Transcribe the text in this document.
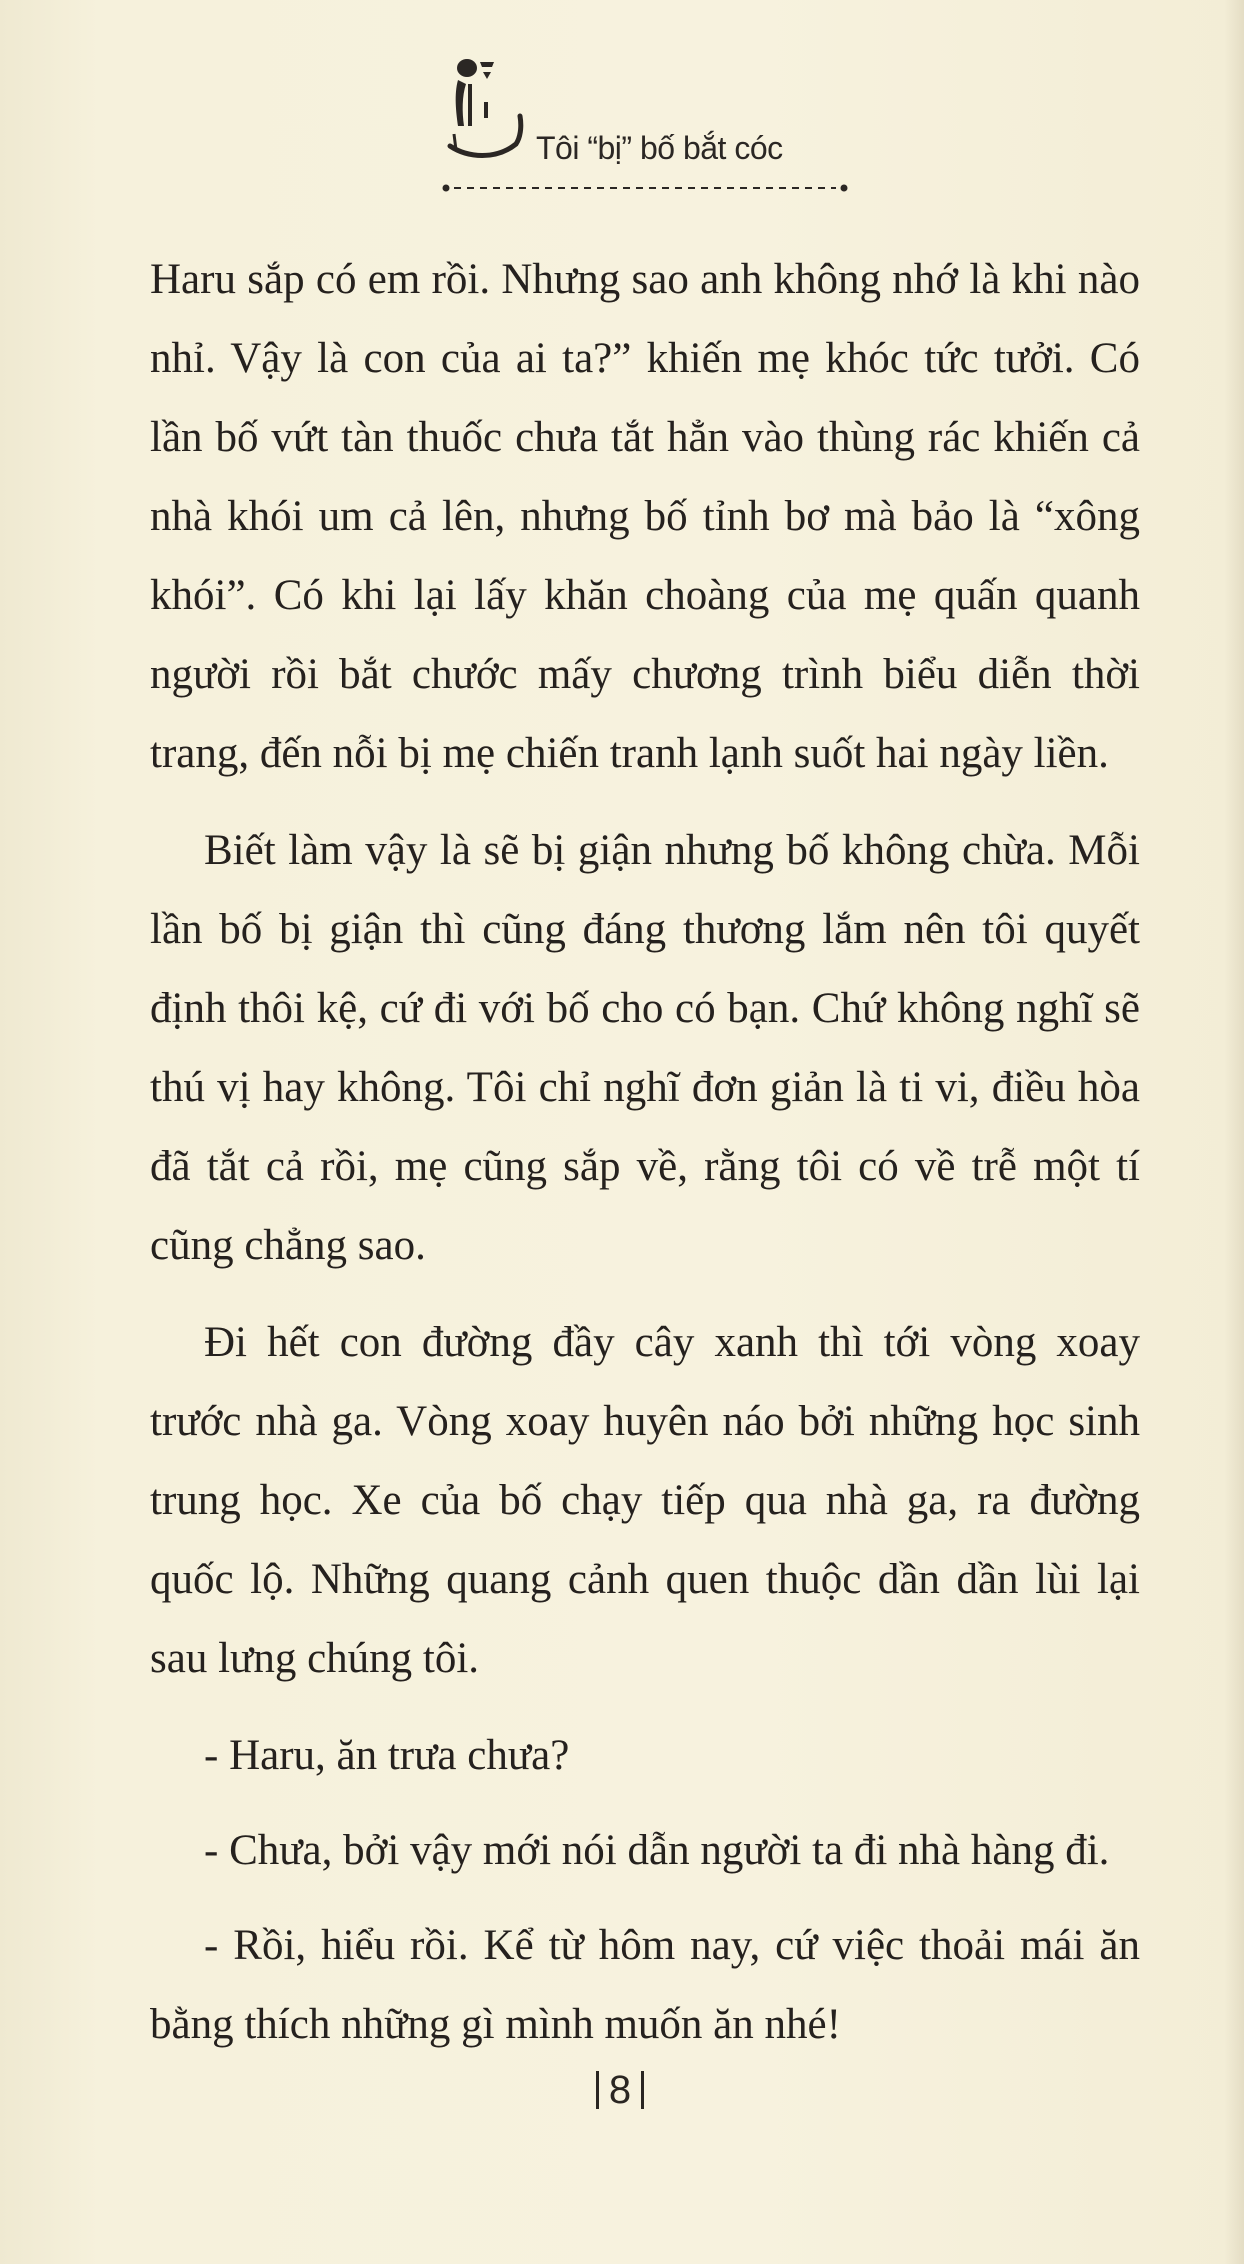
Tôi “bị” bố bắt cóc

Haru sắp có em rồi. Nhưng sao anh không nhớ là khi nào nhỉ. Vậy là con của ai ta?” khiến mẹ khóc tức tưởi. Có lần bố vứt tàn thuốc chưa tắt hẳn vào thùng rác khiến cả nhà khói um cả lên, nhưng bố tỉnh bơ mà bảo là “xông khói”. Có khi lại lấy khăn choàng của mẹ quấn quanh người rồi bắt chước mấy chương trình biểu diễn thời trang, đến nỗi bị mẹ chiến tranh lạnh suốt hai ngày liền.

Biết làm vậy là sẽ bị giận nhưng bố không chừa. Mỗi lần bố bị giận thì cũng đáng thương lắm nên tôi quyết định thôi kệ, cứ đi với bố cho có bạn. Chứ không nghĩ sẽ thú vị hay không. Tôi chỉ nghĩ đơn giản là ti vi, điều hòa đã tắt cả rồi, mẹ cũng sắp về, rằng tôi có về trễ một tí cũng chẳng sao.

Đi hết con đường đầy cây xanh thì tới vòng xoay trước nhà ga. Vòng xoay huyên náo bởi những học sinh trung học. Xe của bố chạy tiếp qua nhà ga, ra đường quốc lộ. Những quang cảnh quen thuộc dần dần lùi lại sau lưng chúng tôi.

- Haru, ăn trưa chưa?

- Chưa, bởi vậy mới nói dẫn người ta đi nhà hàng đi.

- Rồi, hiểu rồi. Kể từ hôm nay, cứ việc thoải mái ăn bằng thích những gì mình muốn ăn nhé!

8
